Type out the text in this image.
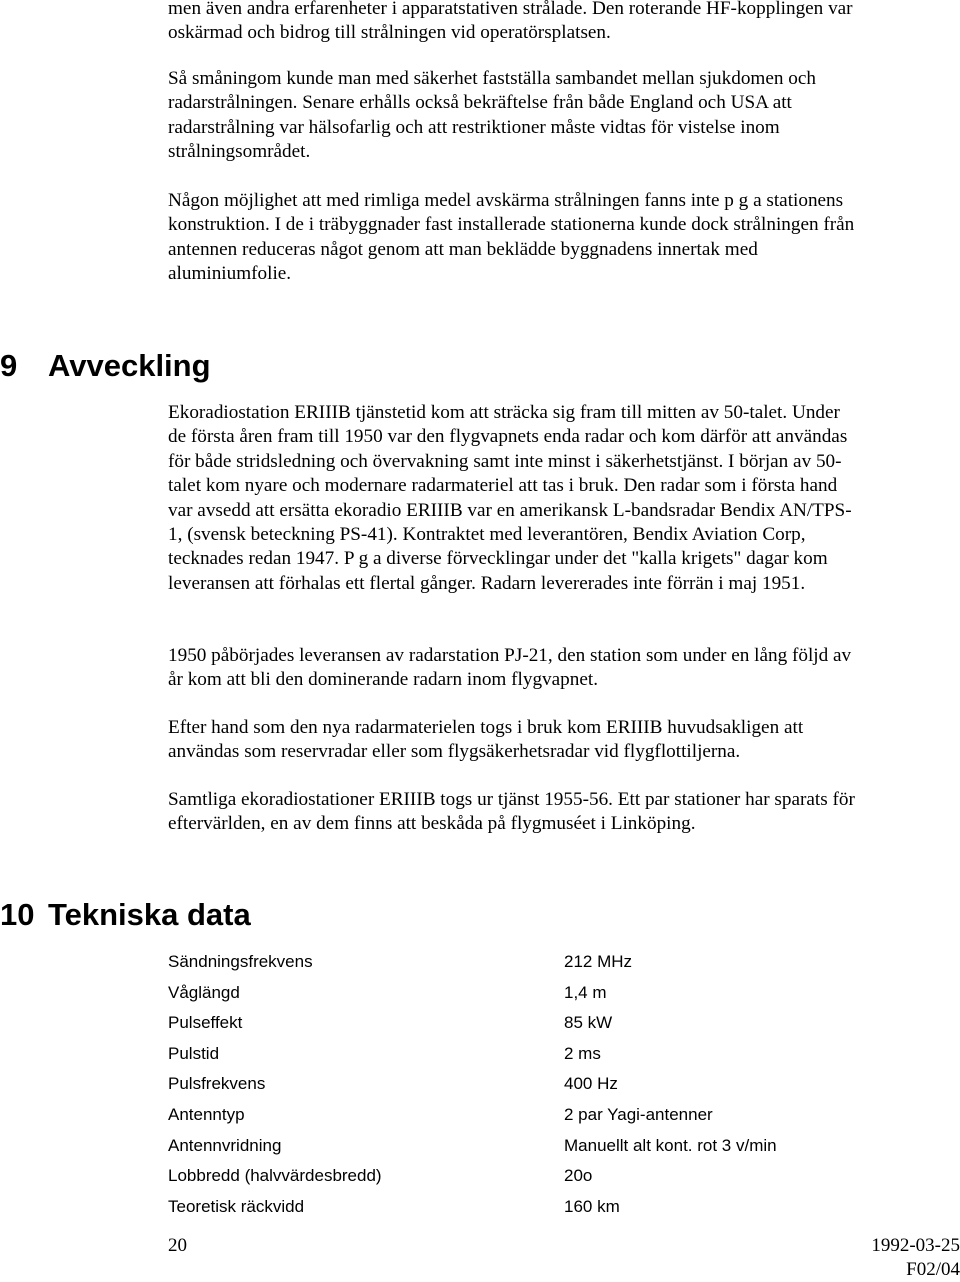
men även andra erfarenheter i apparatstativen strålade. Den roterande HF-kopplingen var oskärmad och bidrog till strålningen vid operatörsplatsen.

Så småningom kunde man med säkerhet fastställa sambandet mellan sjukdomen och radarstrålningen. Senare erhålls också bekräftelse från både England och USA att radarstrålning var hälsofarlig och att restriktioner måste vidtas för vistelse inom strålningsområdet.

Någon möjlighet att med rimliga medel avskärma strålningen fanns inte p g a stationens konstruktion. I de i träbyggnader fast installerade stationerna kunde dock strålningen från antennen reduceras något genom att man beklädde byggnadens innertak med aluminiumfolie.

9 Avveckling

Ekoradiostation ERIIIB tjänstetid kom att sträcka sig fram till mitten av 50-talet. Under de första åren fram till 1950 var den flygvapnets enda radar och kom därför att användas för både stridsledning och övervakning samt inte minst i säkerhetstjänst. I början av 50-talet kom nyare och modernare radarmateriel att tas i bruk. Den radar som i första hand var avsedd att ersätta ekoradio ERIIIB var en amerikansk L-bandsradar Bendix AN/TPS-1, (svensk beteckning PS-41). Kontraktet med leverantören, Bendix Aviation Corp, tecknades redan 1947. P g a diverse förvecklingar under det "kalla krigets" dagar kom leveransen att förhalas ett flertal gånger. Radarn levererades inte förrän i maj 1951.

1950 påbörjades leveransen av radarstation PJ-21, den station som under en lång följd av år kom att bli den dominerande radarn inom flygvapnet.

Efter hand som den nya radarmaterielen togs i bruk kom ERIIIB huvudsakligen att användas som reservradar eller som flygsäkerhetsradar vid flygflottiljerna.

Samtliga ekoradiostationer ERIIIB togs ur tjänst 1955-56. Ett par stationer har sparats för eftervärlden, en av dem finns att beskåda på flygmuséet i Linköping.

10 Tekniska data
Sändningsfrekvens	212 MHz
Våglängd	1,4 m
Pulseffekt	85 kW
Pulstid	2 ms
Pulsfrekvens	400 Hz
Antenntyp	2 par Yagi-antenner
Antennvridning	Manuellt alt kont. rot 3 v/min
Lobbredd (halvvärdesbredd)	20o
Teoretisk räckvidd	160 km
20	1992-03-25
F02/04
